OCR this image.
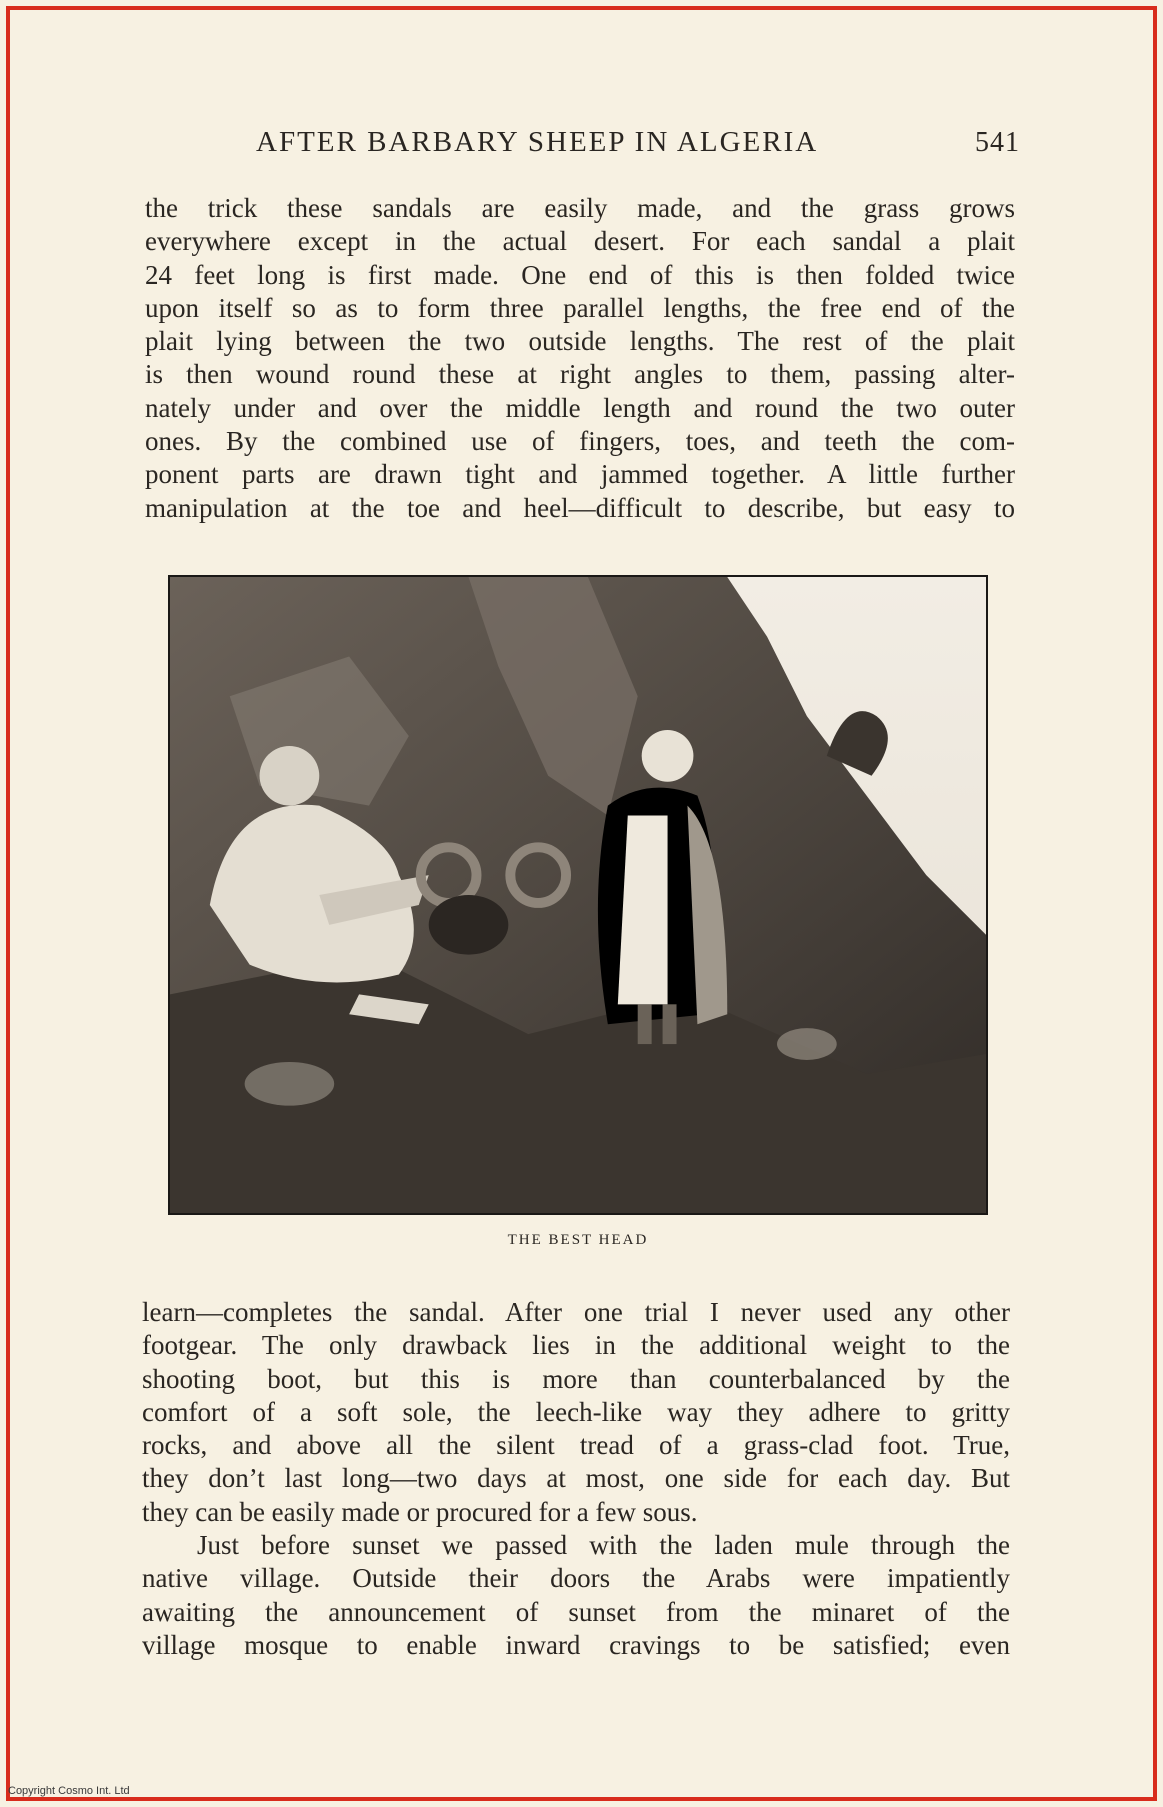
AFTER BARBARY SHEEP IN ALGERIA	541
the trick these sandals are easily made, and the grass grows
everywhere except in the actual desert. For each sandal a plait
24 feet long is first made. One end of this is then folded twice
upon itself so as to form three parallel lengths, the free end of the
plait lying between the two outside lengths. The rest of the plait
is then wound round these at right angles to them, passing alter-
nately under and over the middle length and round the two outer
ones. By the combined use of fingers, toes, and teeth the com-
ponent parts are drawn tight and jammed together. A little further
manipulation at the toe and heel—difficult to describe, but easy to
THE BEST HEAD
learn—completes the sandal. After one trial I never used any other
footgear. The only drawback lies in the additional weight to the
shooting boot, but this is more than counterbalanced by the
comfort of a soft sole, the leech-like way they adhere to gritty
rocks, and above all the silent tread of a grass-clad foot. True,
they don’t last long—two days at most, one side for each day. But
they can be easily made or procured for a few sous.
Just before sunset we passed with the laden mule through the
native village. Outside their doors the Arabs were impatiently
awaiting the announcement of sunset from the minaret of the
village mosque to enable inward cravings to be satisfied; even
Copyright Cosmo Int. Ltd
